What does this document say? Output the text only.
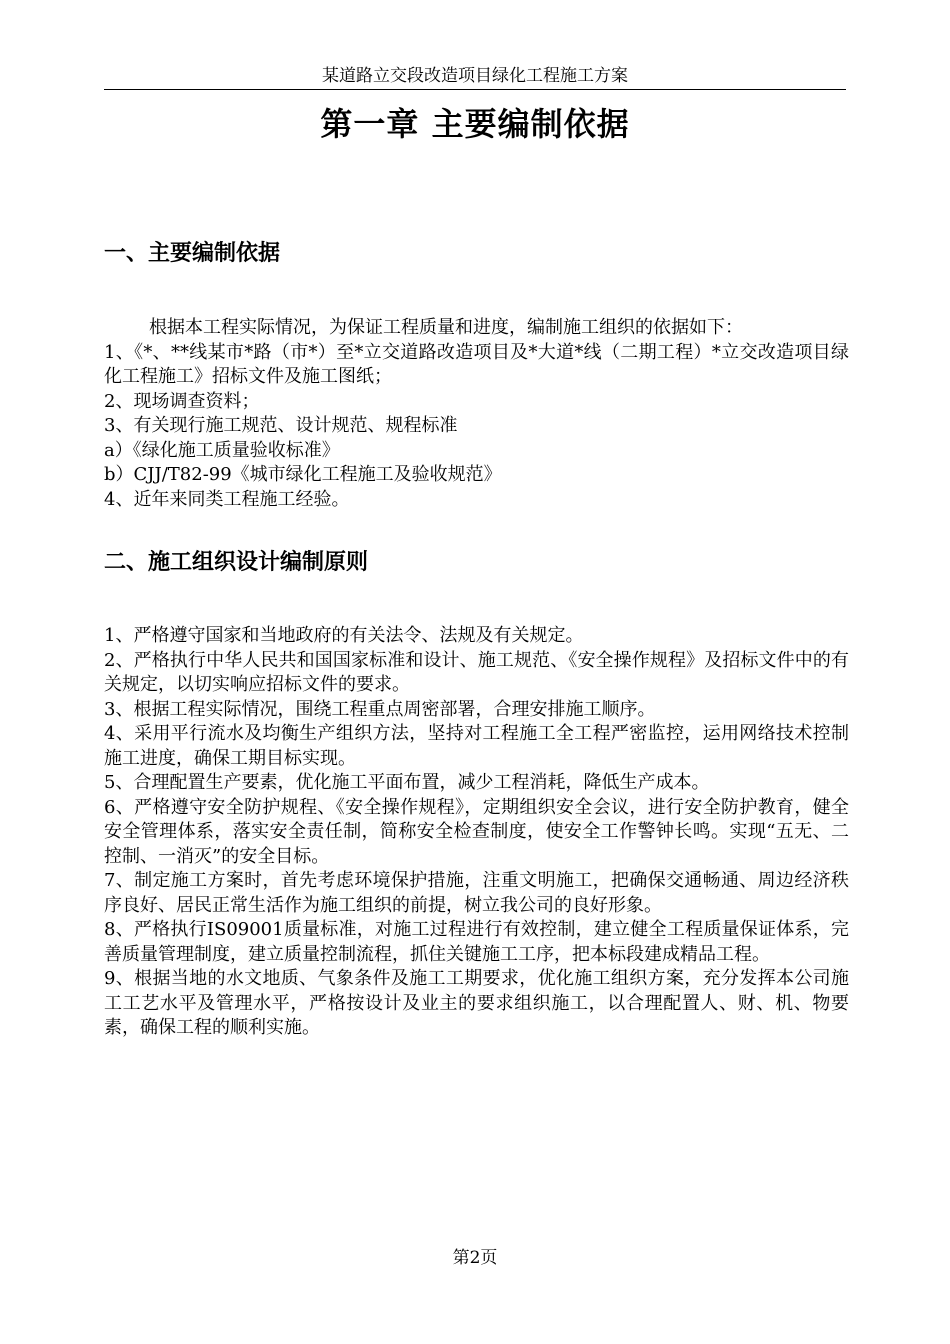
某道路立交段改造项目绿化工程施工方案
第一章 主要编制依据
一、主要编制依据

根据本工程实际情况，为保证工程质量和进度，编制施工组织的依据如下：

1、《*、**线某市*路（市*）至*立交道路改造项目及*大道*线（二期工程）*立交改造项目绿化工程施工》招标文件及施工图纸；

2、现场调查资料；

3、有关现行施工规范、设计规范、规程标准

a）《绿化施工质量验收标准》

b）CJJ/T82-99《城市绿化工程施工及验收规范》

4、近年来同类工程施工经验。

二、施工组织设计编制原则

1、严格遵守国家和当地政府的有关法令、法规及有关规定。

2、严格执行中华人民共和国国家标准和设计、施工规范、《安全操作规程》及招标文件中的有关规定，以切实响应招标文件的要求。

3、根据工程实际情况，围绕工程重点周密部署，合理安排施工顺序。

4、采用平行流水及均衡生产组织方法，坚持对工程施工全工程严密监控，运用网络技术控制施工进度，确保工期目标实现。

5、合理配置生产要素，优化施工平面布置，减少工程消耗，降低生产成本。

6、严格遵守安全防护规程、《安全操作规程》，定期组织安全会议，进行安全防护教育，健全安全管理体系，落实安全责任制，简称安全检查制度，使安全工作警钟长鸣。实现“五无、二控制、一消灭”的安全目标。

7、制定施工方案时，首先考虑环境保护措施，注重文明施工，把确保交通畅通、周边经济秩序良好、居民正常生活作为施工组织的前提，树立我公司的良好形象。

8、严格执行IS09001质量标准，对施工过程进行有效控制，建立健全工程质量保证体系，完善质量管理制度，建立质量控制流程，抓住关键施工工序，把本标段建成精品工程。

9、根据当地的水文地质、气象条件及施工工期要求，优化施工组织方案，充分发挥本公司施工工艺水平及管理水平，严格按设计及业主的要求组织施工，以合理配置人、财、机、物要素，确保工程的顺利实施。

第2页
